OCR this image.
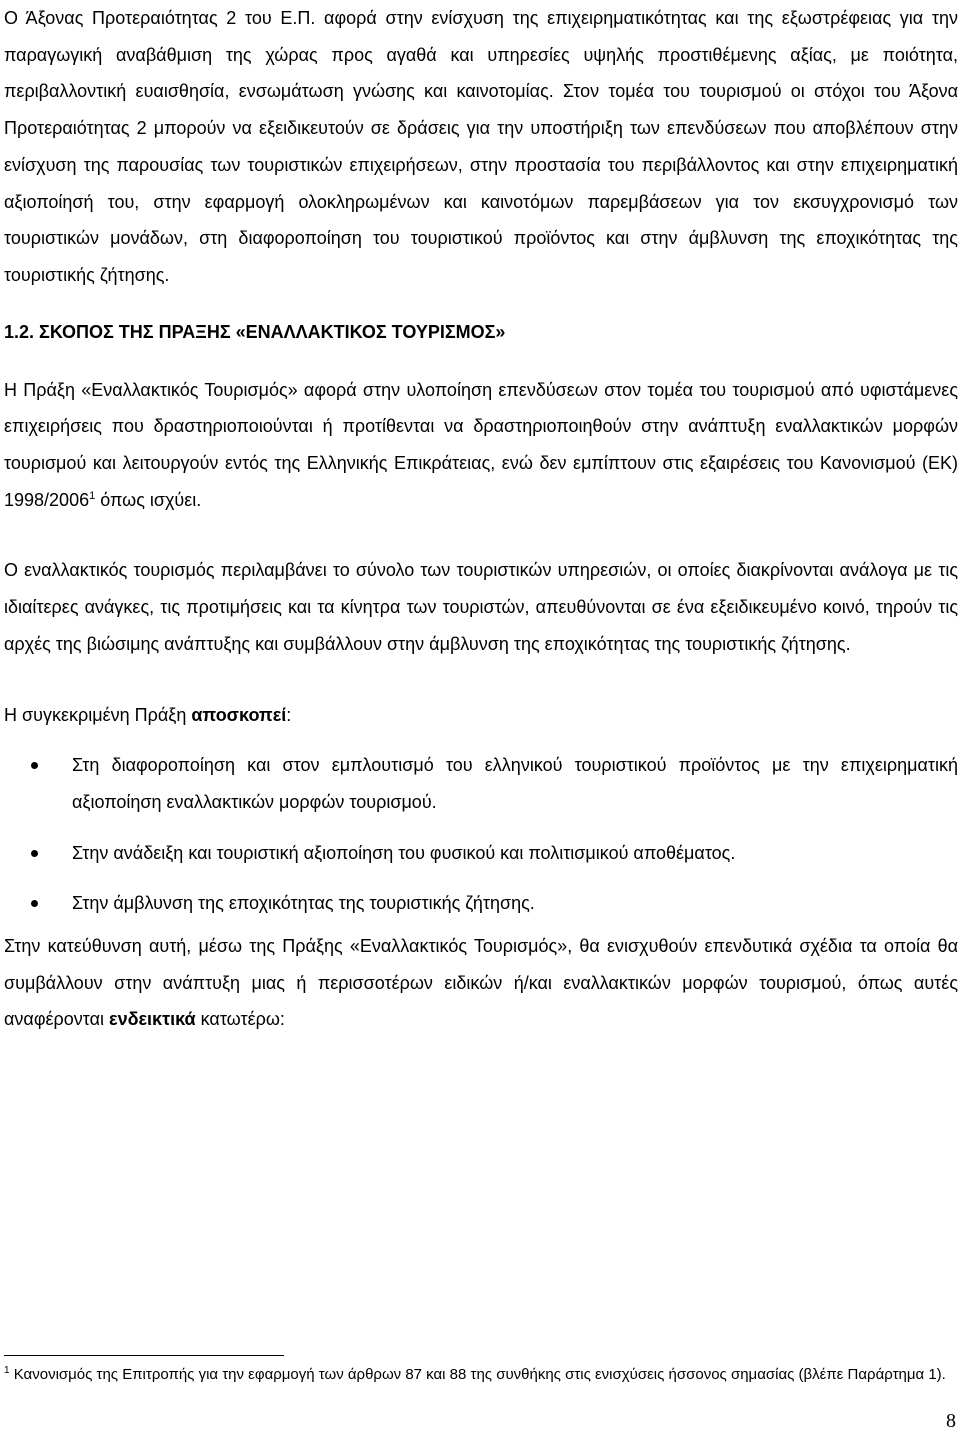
Ο Άξονας Προτεραιότητας 2 του Ε.Π. αφορά στην ενίσχυση της επιχειρηματικότητας και της εξωστρέφειας για την παραγωγική αναβάθμιση της χώρας προς αγαθά και υπηρεσίες υψηλής προστιθέμενης αξίας, με ποιότητα, περιβαλλοντική ευαισθησία, ενσωμάτωση γνώσης και καινοτομίας. Στον τομέα του τουρισμού οι στόχοι του Άξονα Προτεραιότητας 2 μπορούν να εξειδικευτούν σε δράσεις για την υποστήριξη των επενδύσεων που αποβλέπουν στην ενίσχυση της παρουσίας των τουριστικών επιχειρήσεων, στην προστασία του περιβάλλοντος και στην επιχειρηματική αξιοποίησή του, στην εφαρμογή ολοκληρωμένων και καινοτόμων παρεμβάσεων για τον εκσυγχρονισμό των τουριστικών μονάδων, στη διαφοροποίηση του τουριστικού προϊόντος και στην άμβλυνση της εποχικότητας της τουριστικής ζήτησης.

1.2. ΣΚΟΠΟΣ ΤΗΣ ΠΡΑΞΗΣ «ΕΝΑΛΛΑΚΤΙΚΟΣ ΤΟΥΡΙΣΜΟΣ»

Η Πράξη «Εναλλακτικός Τουρισμός» αφορά στην υλοποίηση επενδύσεων στον τομέα του τουρισμού από υφιστάμενες επιχειρήσεις που δραστηριοποιούνται ή προτίθενται να δραστηριοποιηθούν στην ανάπτυξη εναλλακτικών μορφών τουρισμού και λειτουργούν εντός της Ελληνικής Επικράτειας, ενώ δεν εμπίπτουν στις εξαιρέσεις του Κανονισμού (ΕΚ) 1998/2006$^1$ όπως ισχύει.

Ο εναλλακτικός τουρισμός περιλαμβάνει το σύνολο των τουριστικών υπηρεσιών, οι οποίες διακρίνονται ανάλογα με τις ιδιαίτερες ανάγκες, τις προτιμήσεις και τα κίνητρα των τουριστών, απευθύνονται σε ένα εξειδικευμένο κοινό, τηρούν τις αρχές της βιώσιμης ανάπτυξης και συμβάλλουν στην άμβλυνση της εποχικότητας της τουριστικής ζήτησης.

Η συγκεκριμένη Πράξη αποσκοπεί:

Στη διαφοροποίηση και στον εμπλουτισμό του ελληνικού τουριστικού προϊόντος με την επιχειρηματική αξιοποίηση εναλλακτικών μορφών τουρισμού.
Στην ανάδειξη και τουριστική αξιοποίηση του φυσικού και πολιτισμικού αποθέματος.
Στην άμβλυνση της εποχικότητας της τουριστικής ζήτησης.

Στην κατεύθυνση αυτή, μέσω της Πράξης «Εναλλακτικός Τουρισμός», θα ενισχυθούν επενδυτικά σχέδια τα οποία θα συμβάλλουν στην ανάπτυξη μιας ή περισσοτέρων ειδικών ή/και εναλλακτικών μορφών τουρισμού, όπως αυτές αναφέρονται ενδεικτικά κατωτέρω:

$^1$ Κανονισμός της Επιτροπής για την εφαρμογή των άρθρων 87 και 88 της συνθήκης στις ενισχύσεις ήσσονος σημασίας (βλέπε Παράρτημα 1).
8
